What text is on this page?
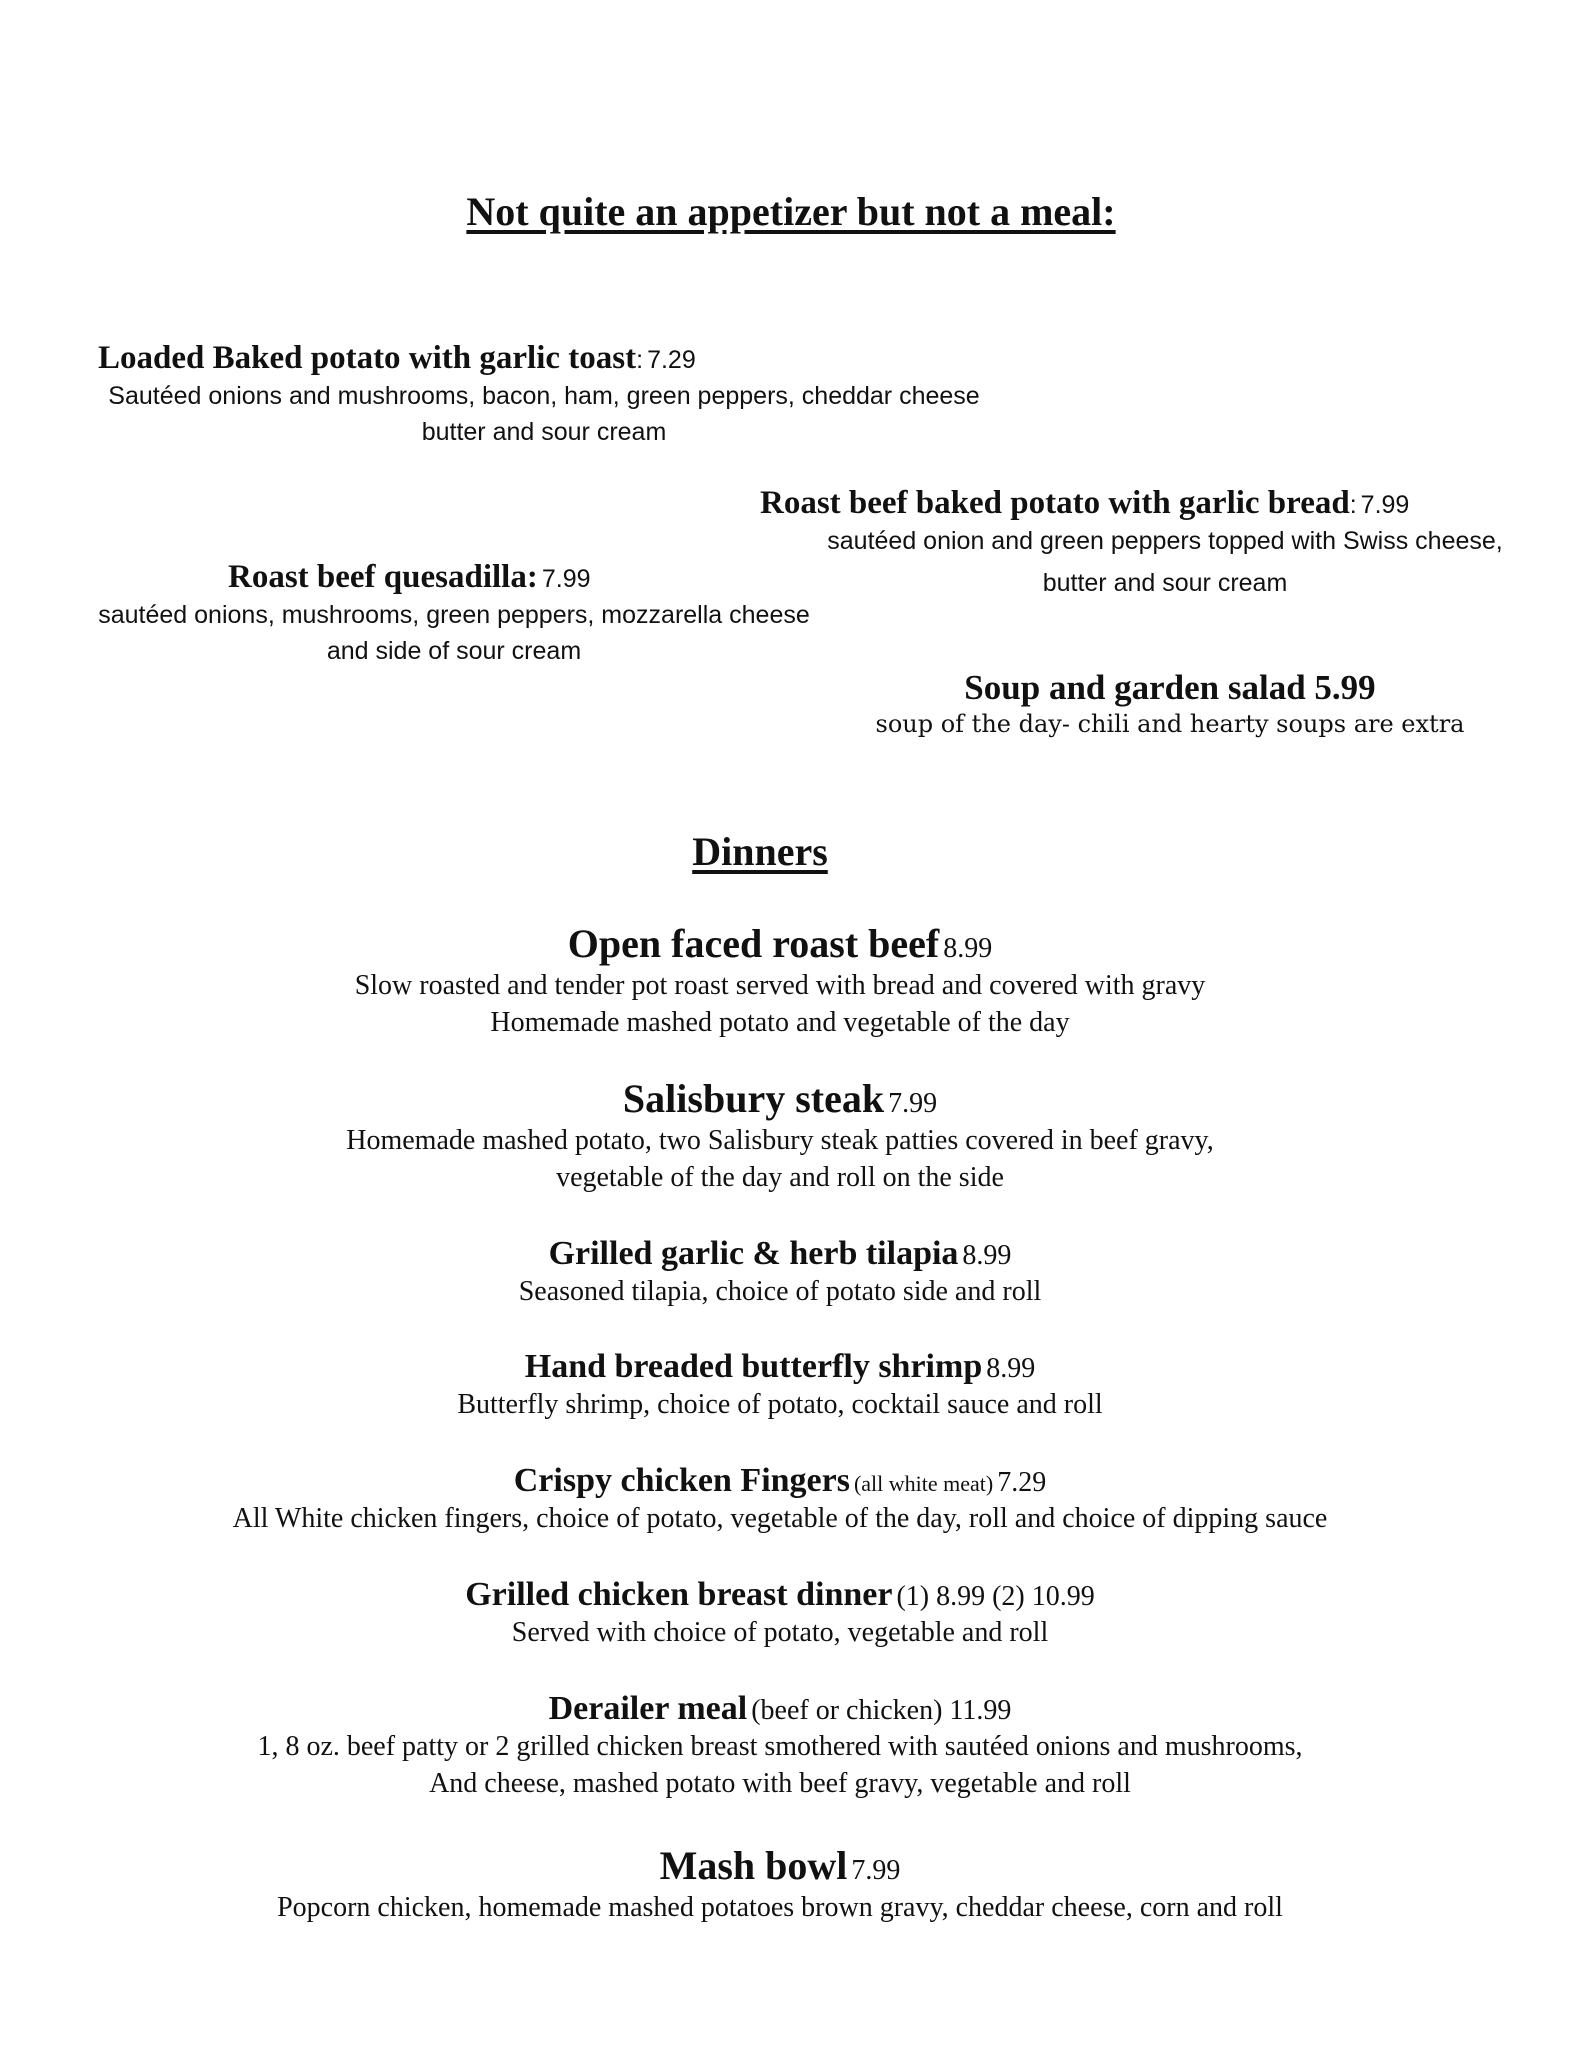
Not quite an appetizer but not a meal:
Loaded Baked potato with garlic toast: 7.29
Sautéed onions and mushrooms, bacon, ham, green peppers, cheddar cheese
butter and sour cream
Roast beef baked potato with garlic bread: 7.99
sautéed onion and green peppers topped with Swiss cheese,
butter and sour cream
Roast beef quesadilla: 7.99
sautéed onions, mushrooms, green peppers, mozzarella cheese
and side of sour cream
Soup and garden salad 5.99
soup of the day- chili and hearty soups are extra
Dinners
Open faced roast beef 8.99
Slow roasted and tender pot roast served with bread and covered with gravy
Homemade mashed potato and vegetable of the day
Salisbury steak 7.99
Homemade mashed potato, two Salisbury steak patties covered in beef gravy,
vegetable of the day and roll on the side
Grilled garlic & herb tilapia 8.99
Seasoned tilapia, choice of potato side and roll
Hand breaded butterfly shrimp 8.99
Butterfly shrimp, choice of potato, cocktail sauce and roll
Crispy chicken Fingers (all white meat) 7.29
All White chicken fingers, choice of potato, vegetable of the day, roll and choice of dipping sauce
Grilled chicken breast dinner (1) 8.99 (2) 10.99
Served with choice of potato, vegetable and roll
Derailer meal (beef or chicken) 11.99
1, 8 oz. beef patty or 2 grilled chicken breast smothered with sautéed onions and mushrooms,
And cheese, mashed potato with beef gravy, vegetable and roll
Mash bowl 7.99
Popcorn chicken, homemade mashed potatoes brown gravy, cheddar cheese, corn and roll
